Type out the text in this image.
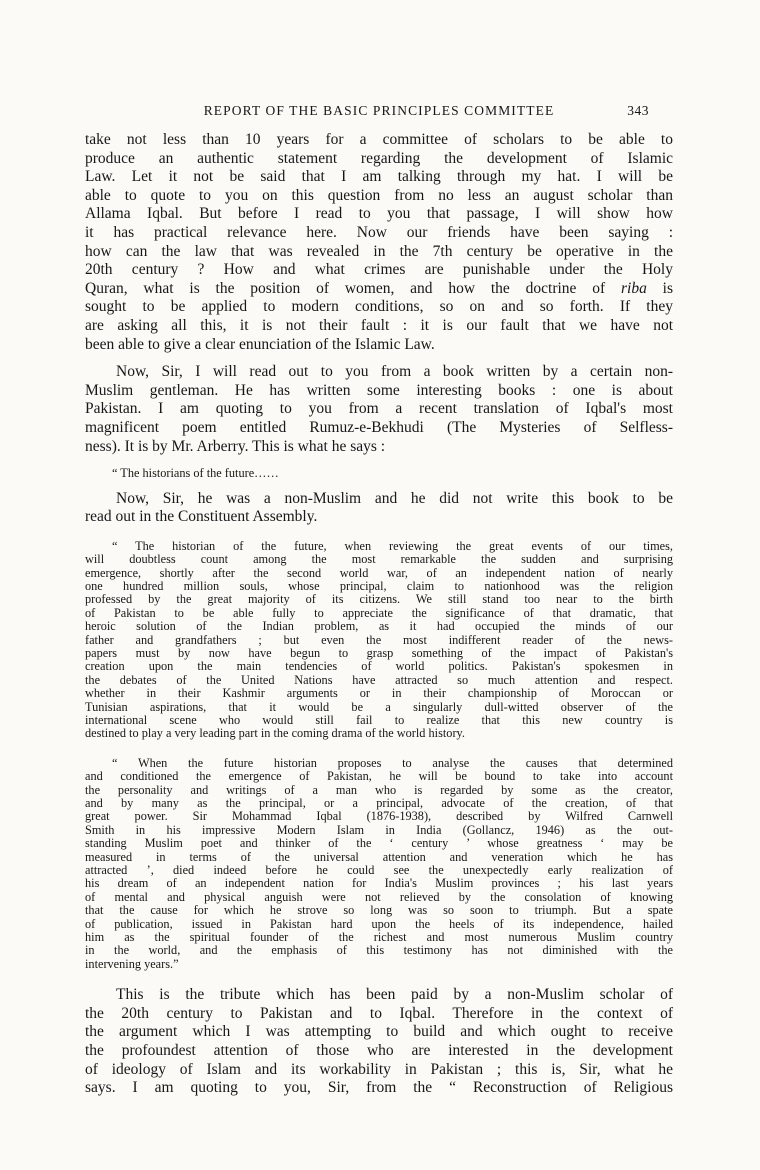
REPORT OF THE BASIC PRINCIPLES COMMITTEE	343

take not less than 10 years for a committee of scholars to be able to
produce an authentic statement regarding the development of Islamic
Law. Let it not be said that I am talking through my hat. I will be
able to quote to you on this question from no less an august scholar than
Allama Iqbal. But before I read to you that passage, I will show how
it has practical relevance here. Now our friends have been saying :
how can the law that was revealed in the 7th century be operative in the
20th century ? How and what crimes are punishable under the Holy
Quran, what is the position of women, and how the doctrine of riba is
sought to be applied to modern conditions, so on and so forth. If they
are asking all this, it is not their fault : it is our fault that we have not
been able to give a clear enunciation of the Islamic Law.

Now, Sir, I will read out to you from a book written by a certain non-
Muslim gentleman. He has written some interesting books : one is about
Pakistan. I am quoting to you from a recent translation of Iqbal's most
magnificent poem entitled Rumuz-e-Bekhudi (The Mysteries of Selfless-
ness). It is by Mr. Arberry. This is what he says :

“ The historians of the future……

Now, Sir, he was a non-Muslim and he did not write this book to be
read out in the Constituent Assembly.

“ The historian of the future, when reviewing the great events of our times,
will doubtless count among the most remarkable the sudden and surprising
emergence, shortly after the second world war, of an independent nation of nearly
one hundred million souls, whose principal, claim to nationhood was the religion
professed by the great majority of its citizens. We still stand too near to the birth
of Pakistan to be able fully to appreciate the significance of that dramatic, that
heroic solution of the Indian problem, as it had occupied the minds of our
father and grandfathers ; but even the most indifferent reader of the news-
papers must by now have begun to grasp something of the impact of Pakistan's
creation upon the main tendencies of world politics. Pakistan's spokesmen in
the debates of the United Nations have attracted so much attention and respect.
whether in their Kashmir arguments or in their championship of Moroccan or
Tunisian aspirations, that it would be a singularly dull-witted observer of the
international scene who would still fail to realize that this new country is
destined to play a very leading part in the coming drama of the world history.

“ When the future historian proposes to analyse the causes that determined
and conditioned the emergence of Pakistan, he will be bound to take into account
the personality and writings of a man who is regarded by some as the creator,
and by many as the principal, or a principal, advocate of the creation, of that
great power. Sir Mohammad Iqbal (1876-1938), described by Wilfred Carnwell
Smith in his impressive Modern Islam in India (Gollancz, 1946) as the out-
standing Muslim poet and thinker of the ‘ century ’ whose greatness ‘ may be
measured in terms of the universal attention and veneration which he has
attracted ’, died indeed before he could see the unexpectedly early realization of
his dream of an independent nation for India's Muslim provinces ; his last years
of mental and physical anguish were not relieved by the consolation of knowing
that the cause for which he strove so long was so soon to triumph. But a spate
of publication, issued in Pakistan hard upon the heels of its independence, hailed
him as the spiritual founder of the richest and most numerous Muslim country
in the world, and the emphasis of this testimony has not diminished with the
intervening years.”

This is the tribute which has been paid by a non-Muslim scholar of
the 20th century to Pakistan and to Iqbal. Therefore in the context of
the argument which I was attempting to build and which ought to receive
the profoundest attention of those who are interested in the development
of ideology of Islam and its workability in Pakistan ; this is, Sir, what he
says. I am quoting to you, Sir, from the “ Reconstruction of Religious
